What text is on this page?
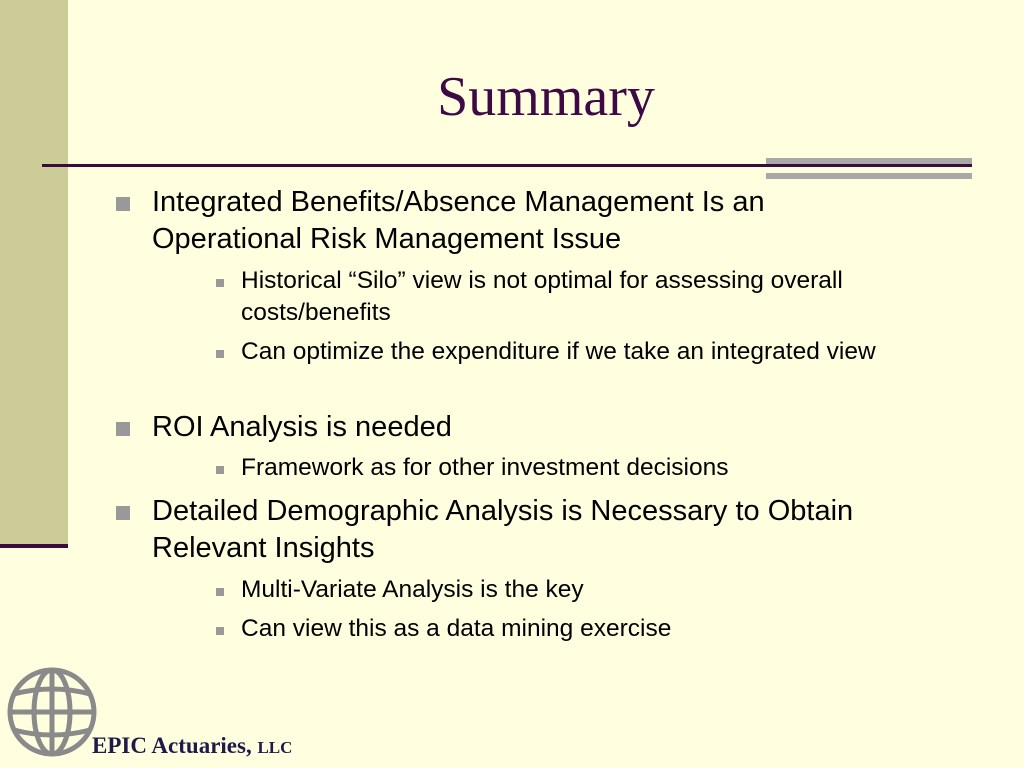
Summary
Integrated Benefits/Absence Management Is an Operational Risk Management Issue
Historical “Silo” view is not optimal for assessing overall costs/benefits
Can optimize the expenditure if we take an integrated view
ROI Analysis is needed
Framework as for other investment decisions
Detailed Demographic Analysis is Necessary to Obtain Relevant Insights
Multi-Variate Analysis is the key
Can view this as a data mining exercise
EPIC Actuaries, LLC
